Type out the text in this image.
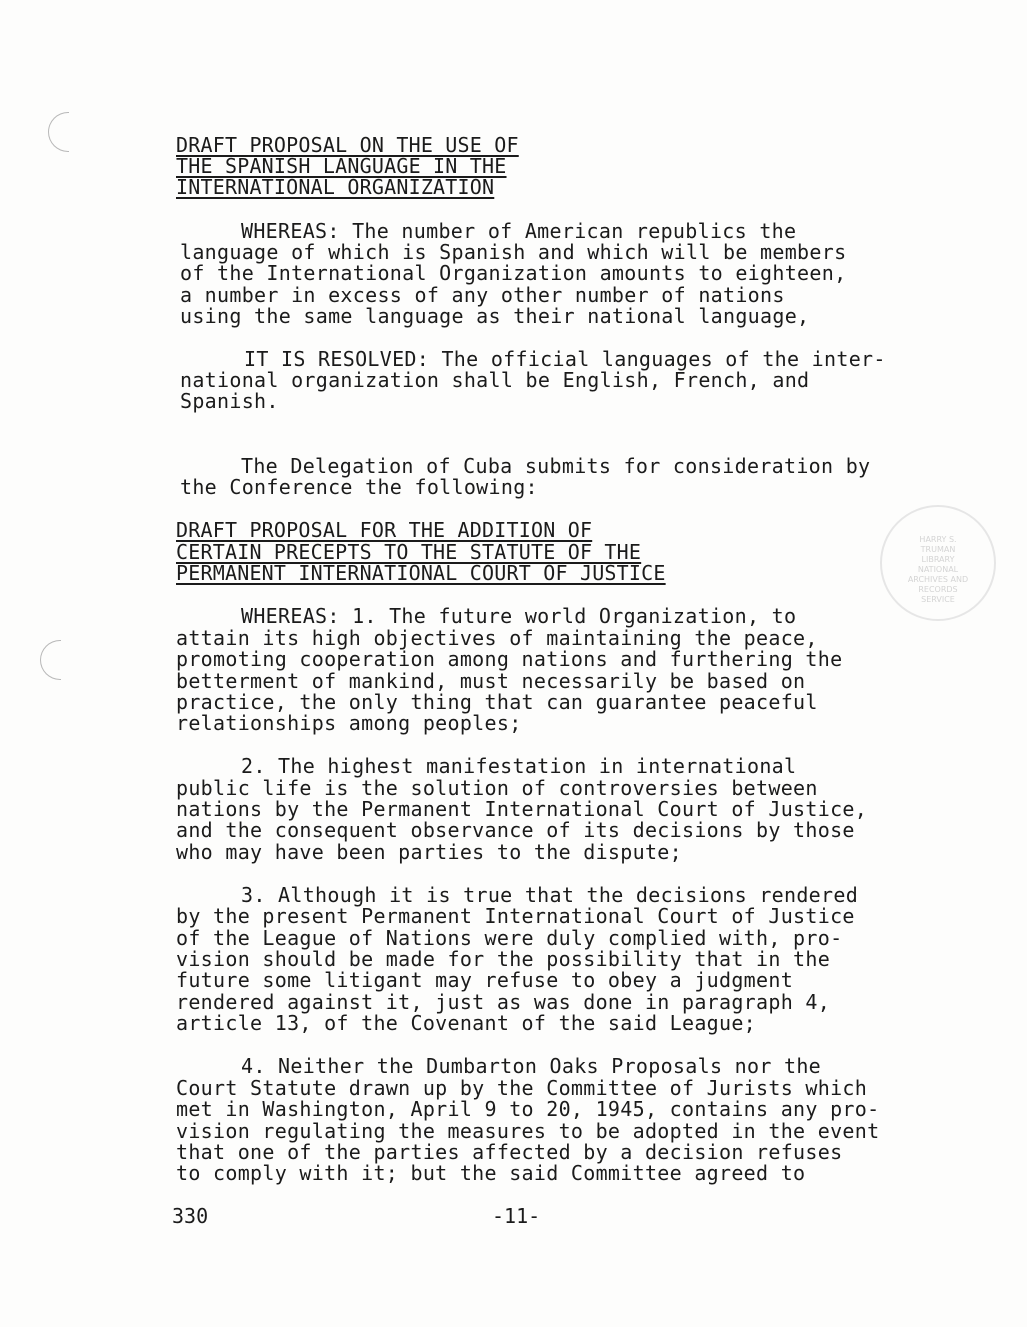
HARRY S. TRUMAN LIBRARY
NATIONAL ARCHIVES AND RECORDS SERVICE
DRAFT PROPOSAL ON THE USE OF
THE SPANISH LANGUAGE IN THE
INTERNATIONAL ORGANIZATION
WHEREAS: The number of American republics the
language of which is Spanish and which will be members
of the International Organization amounts to eighteen,
a number in excess of any other number of nations
using the same language as their national language,
IT IS RESOLVED: The official languages of the inter-
national organization shall be English, French, and
Spanish.
The Delegation of Cuba submits for consideration by
the Conference the following:
DRAFT PROPOSAL FOR THE ADDITION OF
CERTAIN PRECEPTS TO THE STATUTE OF THE
PERMANENT INTERNATIONAL COURT OF JUSTICE
WHEREAS: 1. The future world Organization, to
attain its high objectives of maintaining the peace,
promoting cooperation among nations and furthering the
betterment of mankind, must necessarily be based on
practice, the only thing that can guarantee peaceful
relationships among peoples;
2. The highest manifestation in international
public life is the solution of controversies between
nations by the Permanent International Court of Justice,
and the consequent observance of its decisions by those
who may have been parties to the dispute;
3. Although it is true that the decisions rendered
by the present Permanent International Court of Justice
of the League of Nations were duly complied with, pro-
vision should be made for the possibility that in the
future some litigant may refuse to obey a judgment
rendered against it, just as was done in paragraph 4,
article 13, of the Covenant of the said League;
4. Neither the Dumbarton Oaks Proposals nor the
Court Statute drawn up by the Committee of Jurists which
met in Washington, April 9 to 20, 1945, contains any pro-
vision regulating the measures to be adopted in the event
that one of the parties affected by a decision refuses
to comply with it; but the said Committee agreed to
330	-11-
